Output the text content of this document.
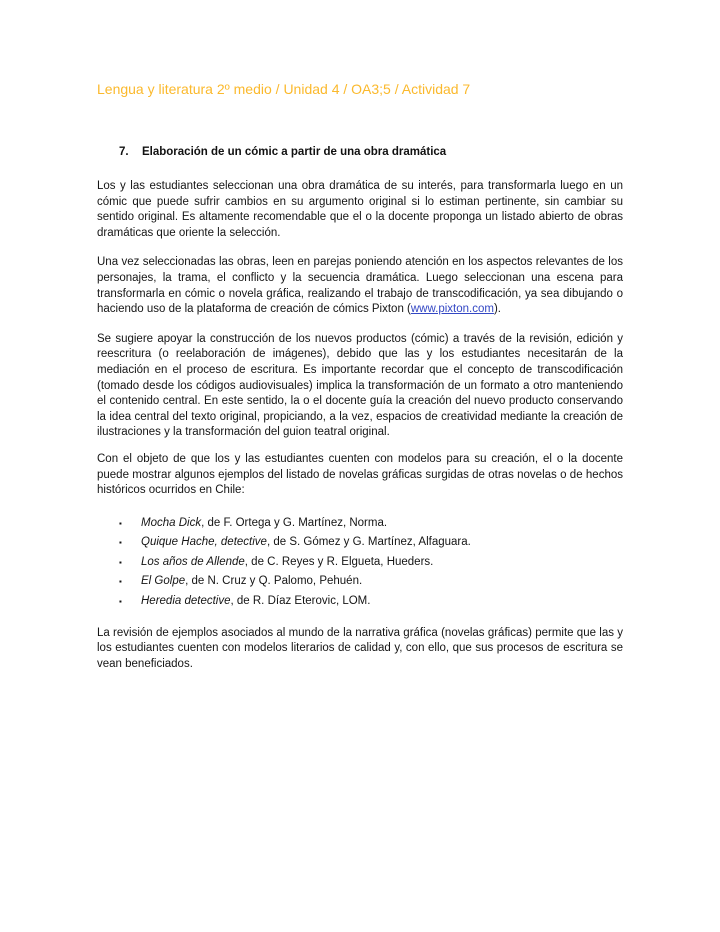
Lengua y literatura 2º medio / Unidad 4 / OA3;5 / Actividad 7
7.	Elaboración de un cómic a partir de una obra dramática

Los y las estudiantes seleccionan una obra dramática de su interés, para transformarla luego en un cómic que puede sufrir cambios en su argumento original si lo estiman pertinente, sin cambiar su sentido original. Es altamente recomendable que el o la docente proponga un listado abierto de obras dramáticas que oriente la selección.

Una vez seleccionadas las obras, leen en parejas poniendo atención en los aspectos relevantes de los personajes, la trama, el conflicto y la secuencia dramática. Luego seleccionan una escena para transformarla en cómic o novela gráfica, realizando el trabajo de transcodificación, ya sea dibujando o haciendo uso de la plataforma de creación de cómics Pixton (www.pixton.com).

Se sugiere apoyar la construcción de los nuevos productos (cómic) a través de la revisión, edición y reescritura (o reelaboración de imágenes), debido que las y los estudiantes necesitarán de la mediación en el proceso de escritura. Es importante recordar que el concepto de transcodificación (tomado desde los códigos audiovisuales) implica la transformación de un formato a otro manteniendo el contenido central. En este sentido, la o el docente guía la creación del nuevo producto conservando la idea central del texto original, propiciando, a la vez, espacios de creatividad mediante la creación de ilustraciones y la transformación del guion teatral original.

Con el objeto de que los y las estudiantes cuenten con modelos para su creación, el o la docente puede mostrar algunos ejemplos del listado de novelas gráficas surgidas de otras novelas o de hechos históricos ocurridos en Chile:

▪	Mocha Dick, de F. Ortega y G. Martínez, Norma.
▪	Quique Hache, detective, de S. Gómez y G. Martínez, Alfaguara.
▪	Los años de Allende, de C. Reyes y R. Elgueta, Hueders.
▪	El Golpe, de N. Cruz y Q. Palomo, Pehuén.
▪	Heredia detective, de R. Díaz Eterovic, LOM.

La revisión de ejemplos asociados al mundo de la narrativa gráfica (novelas gráficas) permite que las y los estudiantes cuenten con modelos literarios de calidad y, con ello, que sus procesos de escritura se vean beneficiados.
